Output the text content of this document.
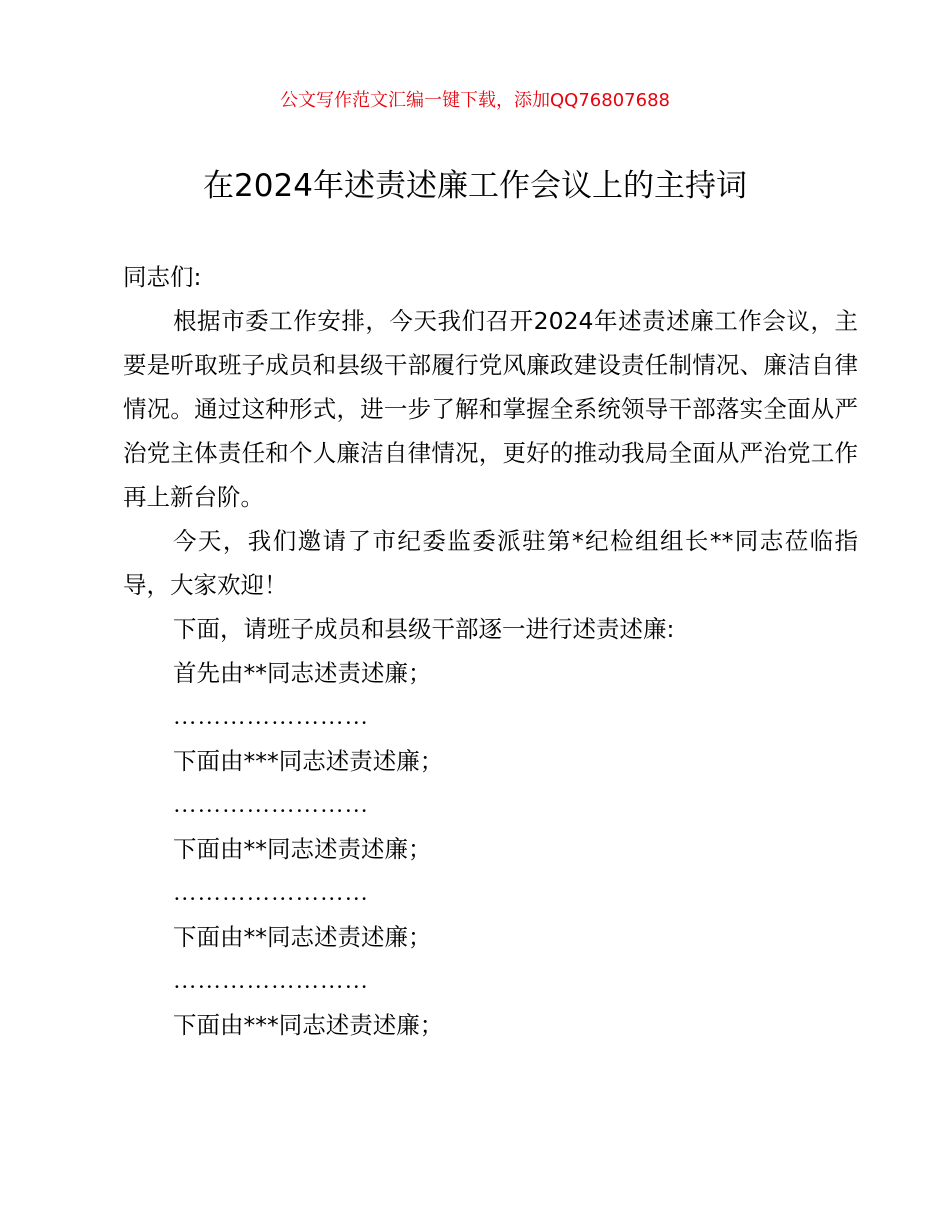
公文写作范文汇编一键下载，添加QQ76807688
在2024年述责述廉工作会议上的主持词

同志们:

根据市委工作安排，今天我们召开2024年述责述廉工作会议，主要是听取班子成员和县级干部履行党风廉政建设责任制情况、廉洁自律情况。通过这种形式，进一步了解和掌握全系统领导干部落实全面从严治党主体责任和个人廉洁自律情况，更好的推动我局全面从严治党工作再上新台阶。

今天，我们邀请了市纪委监委派驻第*纪检组组长**同志莅临指导，大家欢迎！

下面，请班子成员和县级干部逐一进行述责述廉:

首先由**同志述责述廉；

……………………

下面由***同志述责述廉；

……………………

下面由**同志述责述廉；

……………………

下面由**同志述责述廉；

……………………

下面由***同志述责述廉；
